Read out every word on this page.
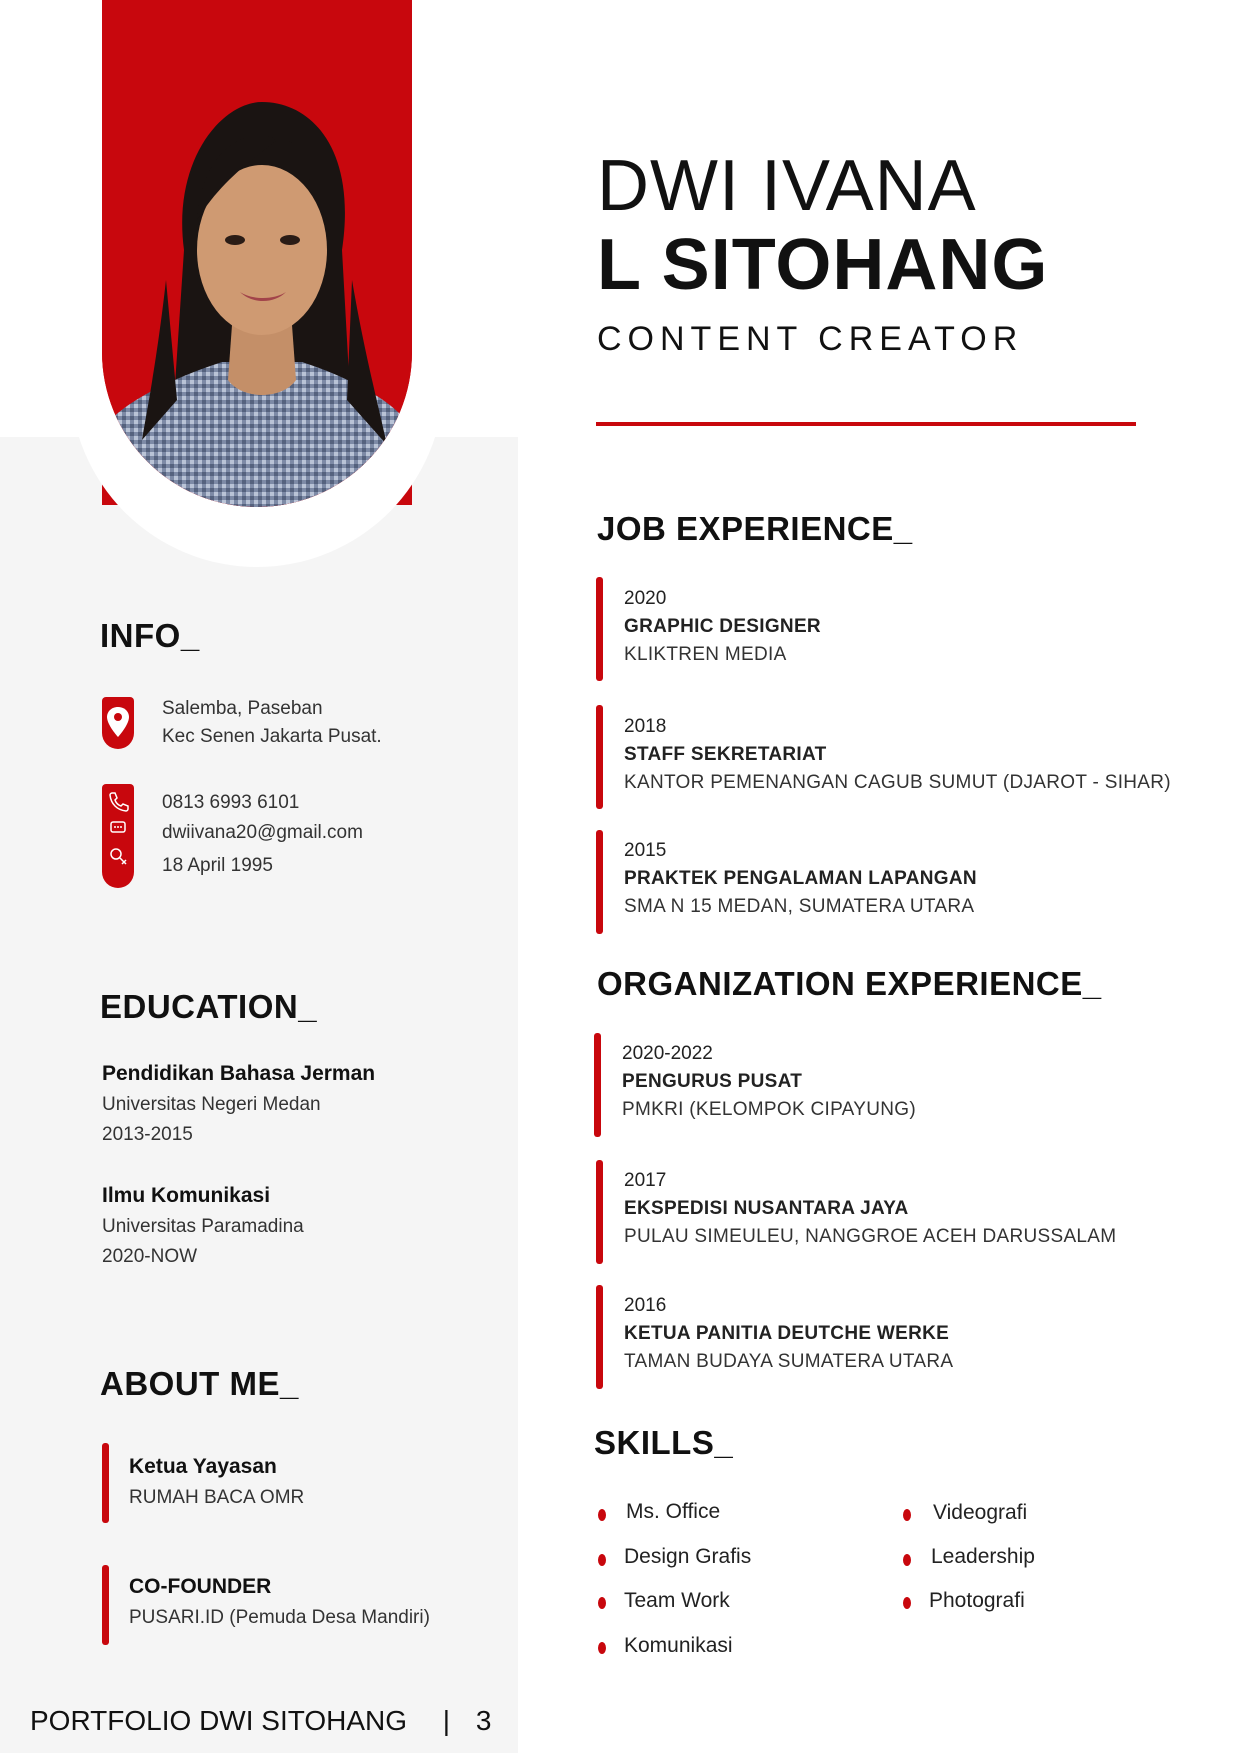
DWI IVANA
L SITOHANG
CONTENT CREATOR
INFO_
Salemba, Paseban
Kec Senen Jakarta Pusat.
0813 6993 6101
dwiivana20@gmail.com
18 April 1995
EDUCATION_
Pendidikan Bahasa Jerman
Universitas Negeri Medan
2013-2015
Ilmu Komunikasi
Universitas Paramadina
2020-NOW
ABOUT ME_
Ketua Yayasan
RUMAH BACA OMR
CO-FOUNDER
PUSARI.ID (Pemuda Desa Mandiri)
PORTFOLIO DWI SITOHANG | 3
JOB EXPERIENCE_
2020
GRAPHIC DESIGNER
KLIKTREN MEDIA
2018
STAFF SEKRETARIAT
KANTOR PEMENANGAN CAGUB SUMUT (DJAROT - SIHAR)
2015
PRAKTEK PENGALAMAN LAPANGAN
SMA N 15 MEDAN, SUMATERA UTARA
ORGANIZATION EXPERIENCE_
2020-2022
PENGURUS PUSAT
PMKRI (KELOMPOK CIPAYUNG)
2017
EKSPEDISI NUSANTARA JAYA
PULAU SIMEULEU, NANGGROE ACEH DARUSSALAM
2016
KETUA PANITIA DEUTCHE WERKE
TAMAN BUDAYA SUMATERA UTARA
SKILLS_
Ms. Office
Design Grafis
Team Work
Komunikasi
Videografi
Leadership
Photografi
